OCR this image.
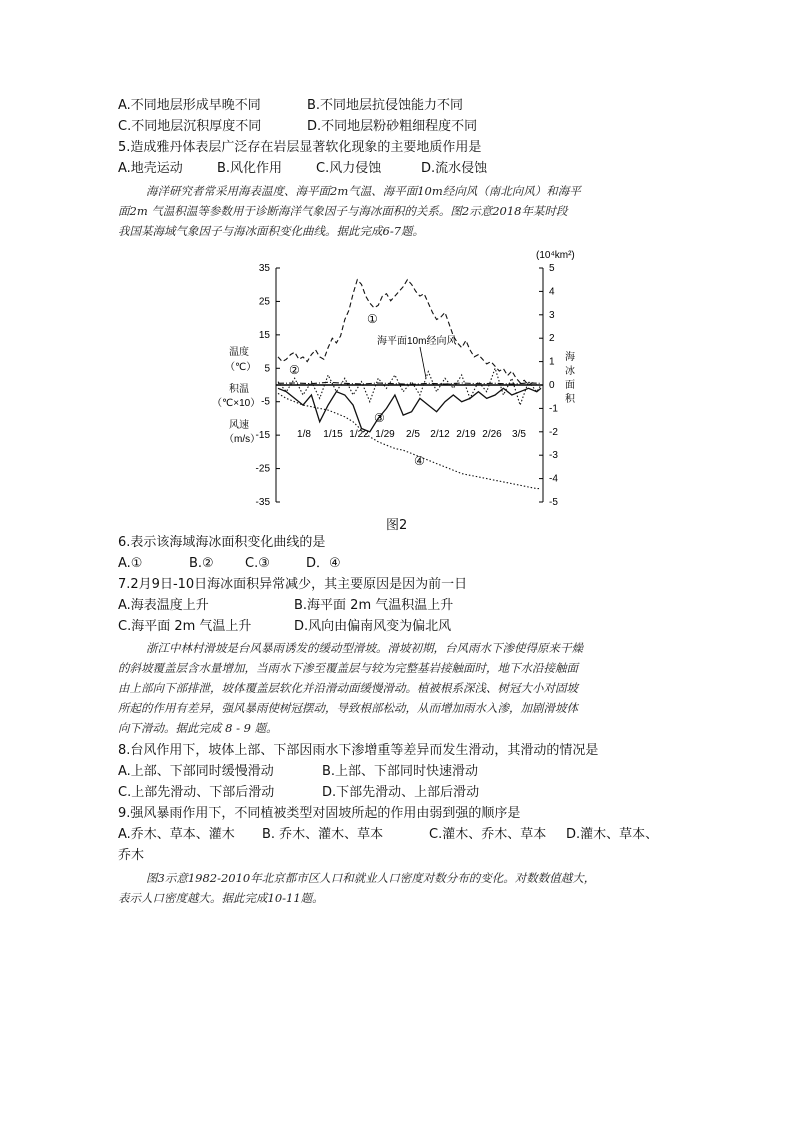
A.不同地层形成早晚不同	B.不同地层抗侵蚀能力不同
C.不同地层沉积厚度不同	D.不同地层粉砂粗细程度不同
5.造成雅丹体表层广泛存在岩层显著软化现象的主要地质作用是
A.地壳运动	B.风化作用	C.风力侵蚀	D.流水侵蚀
海洋研究者常采用海表温度、海平面2m气温、海平面10m经向风（南北向风）和海平
面2m 气温积温等参数用于诊断海洋气象因子与海冰面积的关系。图2示意2018年某时段
我国某海域气象因子与海冰面积变化曲线。据此完成6-7题。
35
25
15
5
-5
-15
-25
-35
5
4
3
2
1
0
-1
-2
-3
-4
-5
1/8 1/15 1/22 1/29 2/5 2/12 2/19 2/26 3/5
温度
（℃）
积温
（℃×10）
风速
（m/s）
(10⁴km²)
海
冰
面
积
海平面10m经向风
①
②
③
④
图2
6.表示该海域海冰面积变化曲线的是
A.①	B.② C.③	D．④
7.2月9日-10日海冰面积异常减少，其主要原因是因为前一日
A.海表温度上升	B.海平面 2m 气温积温上升
C.海平面 2m 气温上升	D.风向由偏南风变为偏北风
浙江中林村滑坡是台风暴雨诱发的缓动型滑坡。滑坡初期，台风雨水下渗使得原来干燥
的斜坡覆盖层含水量增加，当雨水下渗至覆盖层与较为完整基岩接触面时，地下水沿接触面
由上部向下部排泄，坡体覆盖层软化并沿滑动面缓慢滑动。植被根系深浅、树冠大小对固坡
所起的作用有差异，强风暴雨使树冠摆动，导致根部松动，从而增加雨水入渗，加剧滑坡体
向下滑动。据此完成 8 - 9 题。
8.台风作用下，坡体上部、下部因雨水下渗增重等差异而发生滑动，其滑动的情况是
A.上部、下部同时缓慢滑动	B.上部、下部同时快速滑动
C.上部先滑动、下部后滑动	D.下部先滑动、上部后滑动
9.强风暴雨作用下，不同植被类型对固坡所起的作用由弱到强的顺序是
A.乔木、草本、灌木 B. 乔木、灌木、草本	C.灌木、乔木、草本 D.灌木、草本、
乔木
图3示意1982-2010年北京都市区人口和就业人口密度对数分布的变化。对数数值越大，
表示人口密度越大。据此完成10-11题。
